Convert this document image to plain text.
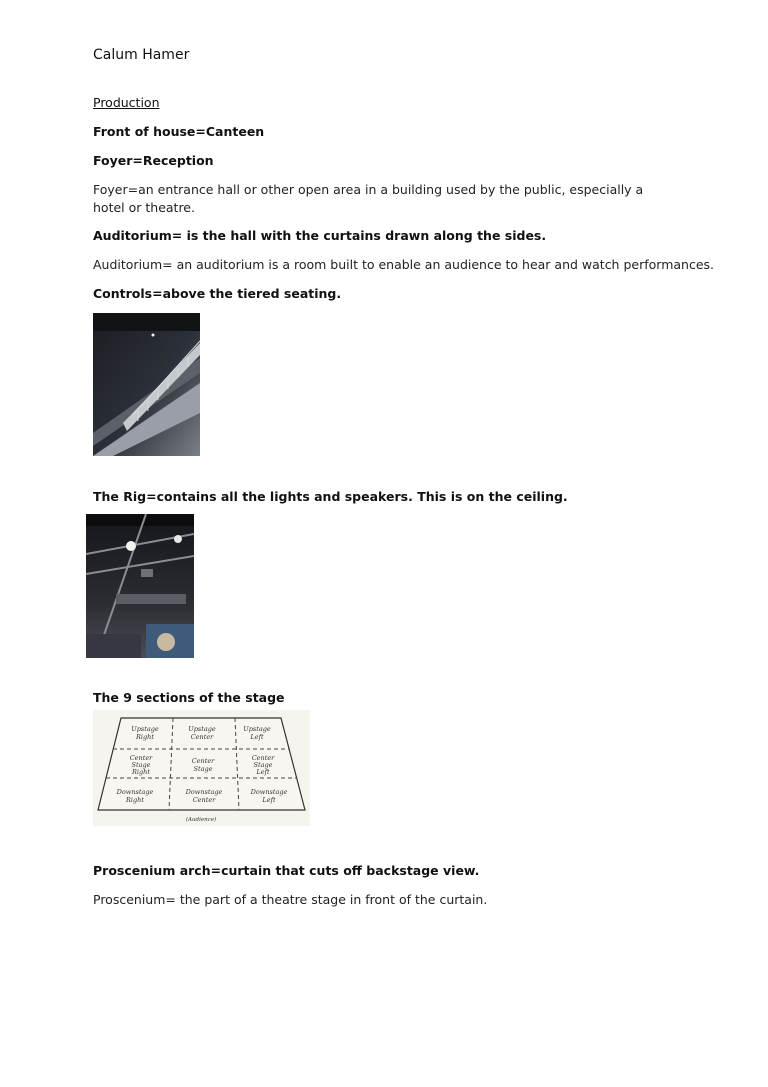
Calum Hamer
Production
Front of house=Canteen
Foyer=Reception
Foyer=an entrance hall or other open area in a building used by the public, especially a hotel or theatre.
Auditorium= is the hall with the curtains drawn along the sides.
Auditorium= an auditorium is a room built to enable an audience to hear and watch performances.
Controls=above the tiered seating.
The Rig=contains all the lights and speakers. This is on the ceiling.
The 9 sections of the stage
Upstage
Right
Upstage
Center
Upstage
Left
Center
Stage
Right
Center
Stage
Center
Stage
Left
Downstage
Right
Downstage
Center
Downstage
Left
(Audience)
Proscenium arch=curtain that cuts off backstage view.
Proscenium= the part of a theatre stage in front of the curtain.
